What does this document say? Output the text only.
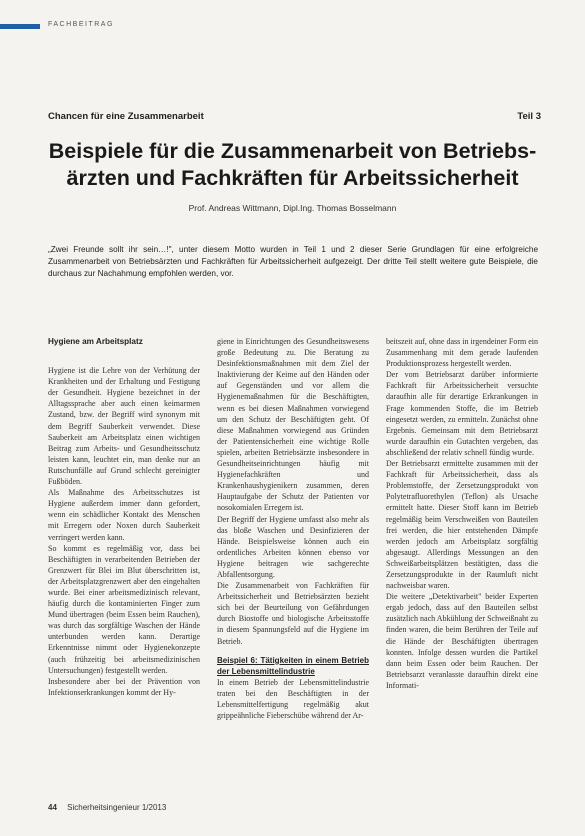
FACHBEITRAG
Chancen für eine Zusammenarbeit	Teil 3
Beispiele für die Zusammenarbeit von Betriebs-ärzten und Fachkräften für Arbeitssicherheit
Prof. Andreas Wittmann, Dipl.Ing. Thomas Bosselmann
„Zwei Freunde sollt ihr sein…!", unter diesem Motto wurden in Teil 1 und 2 dieser Serie Grundlagen für eine erfolgreiche Zusammenarbeit von Betriebsärzten und Fachkräften für Arbeitssicherheit aufgezeigt. Der dritte Teil stellt weitere gute Beispiele, die durchaus zur Nachahmung empfohlen werden, vor.
Hygiene am Arbeitsplatz

Hygiene ist die Lehre von der Verhütung der Krankheiten und der Erhaltung und Festigung der Gesundheit. Hygiene bezeichnet in der Alltagssprache aber auch einen keimarmen Zustand, bzw. der Begriff wird synonym mit dem Begriff Sauberkeit verwendet. Diese Sauberkeit am Arbeitsplatz einen wichtigen Beitrag zum Arbeits- und Gesundheitsschutz leisten kann, leuchtet ein, man denke nur an Rutschunfälle auf Grund schlecht gereinigter Fußböden.

Als Maßnahme des Arbeitsschutzes ist Hygiene außerdem immer dann gefordert, wenn ein schädlicher Kontakt des Menschen mit Erregern oder Noxen durch Sauberkeit verringert werden kann.

So kommt es regelmäßig vor, dass bei Beschäftigten in verarbeitenden Betrieben der Grenzwert für Blei im Blut überschritten ist, der Arbeitsplatzgrenzwert aber den eingehalten wurde. Bei einer arbeitsmedizinisch relevant, häufig durch die kontaminierten Finger zum Mund übertragen (beim Essen beim Rauchen), was durch das sorgfältige Waschen der Hände unterbunden werden kann. Derartige Erkenntnisse nimmt oder Hygienekonzepte (auch frühzeitig bei arbeitsmedizinischen Untersuchungen) festgestellt werden.

Insbesondere aber bei der Prävention von Infektionserkrankungen kommt der Hy-

giene in Einrichtungen des Gesundheitswesens große Bedeutung zu. Die Beratung zu Desinfektionsmaßnahmen mit dem Ziel der Inaktivierung der Keime auf den Händen oder auf Gegenständen und vor allem die Hygienemaßnahmen für die Beschäftigten, wenn es bei diesen Maßnahmen vorwiegend um den Schutz der Beschäftigten geht. Of diese Maßnahmen vorwiegend aus Gründen der Patientensicherheit eine wichtige Rolle spielen, arbeiten Betriebsärzte insbesondere in Gesundheitseinrichtungen häufig mit Hygienefachkräften und Krankenhaushygienikern zusammen, deren Hauptaufgabe der Schutz der Patienten vor nosokomialen Erregern ist.

Der Begriff der Hygiene umfasst also mehr als das bloße Waschen und Desinfizieren der Hände. Beispielsweise können auch ein ordentliches Arbeiten können ebenso vor Hygiene beitragen wie sachgerechte Abfallentsorgung.

Die Zusammenarbeit von Fachkräften für Arbeitssicherheit und Betriebsärzten bezieht sich bei der Beurteilung von Gefährdungen durch Biostoffe und biologische Arbeitsstoffe in diesem Spannungsfeld auf die Hygiene im Betrieb.

Beispiel 6: Tätigkeiten in einem Betrieb der Lebensmittelindustrie

In einem Betrieb der Lebensmittelindustrie traten bei den Beschäftigten in der Lebensmittelfertigung regelmäßig akut grippeähnliche Fieberschübe während der Ar-

beitszeit auf, ohne dass in irgendeiner Form ein Zusammenhang mit dem gerade laufenden Produktionsprozess hergestellt werden.

Der vom Betriebsarzt darüber informierte Fachkraft für Arbeitssicherheit versuchte daraufhin alle für derartige Erkrankungen in Frage kommenden Stoffe, die im Betrieb eingesetzt werden, zu ermitteln. Zunächst ohne Ergebnis. Gemeinsam mit dem Betriebsarzt wurde daraufhin ein Gutachten vergeben, das abschließend der relativ schnell fündig wurde.

Der Betriebsarzt ermittelte zusammen mit der Fachkraft für Arbeitssicherheit, dass als Problemstoffe, der Zersetzungsprodukt von Polytetrafluorethylen (Teflon) als Ursache ermittelt hatte. Dieser Stoff kann im Betrieb regelmäßig beim Verschweißen von Bauteilen frei werden, die hier entstehenden Dämpfe werden jedoch am Arbeitsplatz sorgfältig abgesaugt. Allerdings Messungen an den Schweißarbeitsplätzen bestätigten, dass die Zersetzungsprodukte in der Raumluft nicht nachweisbar waren.

Die weitere „Detektivarbeit" beider Experten ergab jedoch, dass auf den Bauteilen selbst zusätzlich nach Abkühlung der Schweißnaht zu finden waren, die beim Berühren der Teile auf die Hände der Beschäftigten übertragen konnten. Infolge dessen wurden die Partikel dann beim Essen oder beim Rauchen. Der Betriebsarzt veranlasste daraufhin direkt eine Informati-

44 Sicherheitsingenieur 1/2013
